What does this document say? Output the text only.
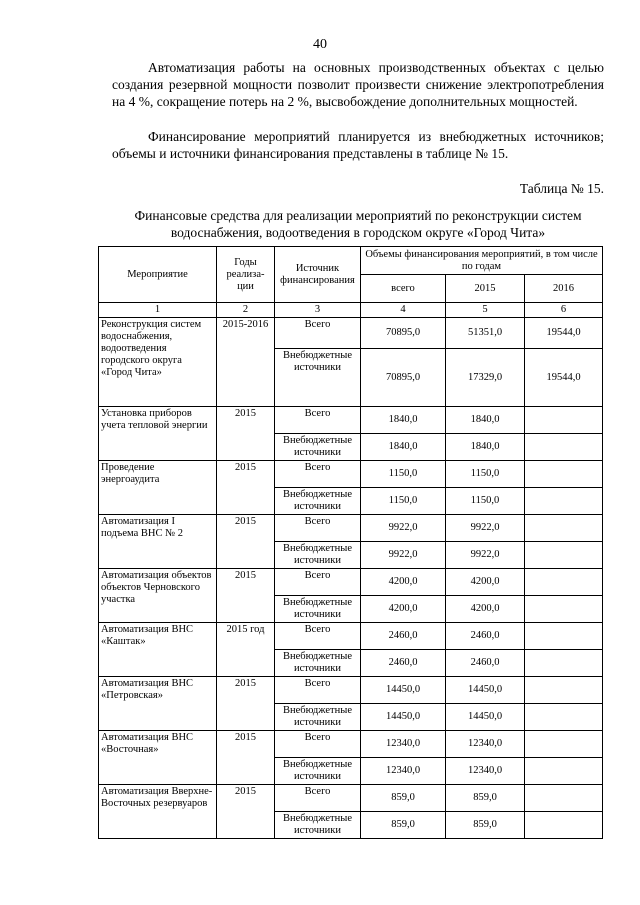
40

Автоматизация работы на основных производственных объектах с целью создания резервной мощности позволит произвести снижение электропотребления на 4 %, сокращение потерь на 2 %, высвобождение дополнительных мощностей.

Финансирование мероприятий планируется из внебюджетных источников; объемы и источники финансирования представлены в таблице № 15.

Таблица № 15.
Финансовые средства для реализации мероприятий по реконструкции систем водоснабжения, водоотведения в городском округе «Город Чита»
Мероприятие	Годы реализа-ции	Источник финансирования	Объемы финансирования мероприятий, в том числе по годам		
			всего	2015	2016
1	2	3	4	5	6
Реконструкция систем водоснабжения, водоотведения городского округа «Город Чита»	2015-2016	Всего	70895,0	51351,0	19544,0
		Внебюджетные источники	70895,0	17329,0	19544,0
Установка приборов учета тепловой энергии	2015	Всего	1840,0	1840,0	
		Внебюджетные источники	1840,0	1840,0	
Проведение энергоаудита	2015	Всего	1150,0	1150,0	
		Внебюджетные источники	1150,0	1150,0	
Автоматизация I подъема ВНС № 2	2015	Всего	9922,0	9922,0	
		Внебюджетные источники	9922,0	9922,0	
Автоматизация объектов объектов Черновского участка	2015	Всего	4200,0	4200,0	
		Внебюджетные источники	4200,0	4200,0	
Автоматизация ВНС «Каштак»	2015 год	Всего	2460,0	2460,0	
		Внебюджетные источники	2460,0	2460,0	
Автоматизация ВНС «Петровская»	2015	Всего	14450,0	14450,0	
		Внебюджетные источники	14450,0	14450,0	
Автоматизация ВНС «Восточная»	2015	Всего	12340,0	12340,0	
		Внебюджетные источники	12340,0	12340,0	
Автоматизация Вверхне-Восточных резервуаров	2015	Всего	859,0	859,0	
		Внебюджетные источники	859,0	859,0	
